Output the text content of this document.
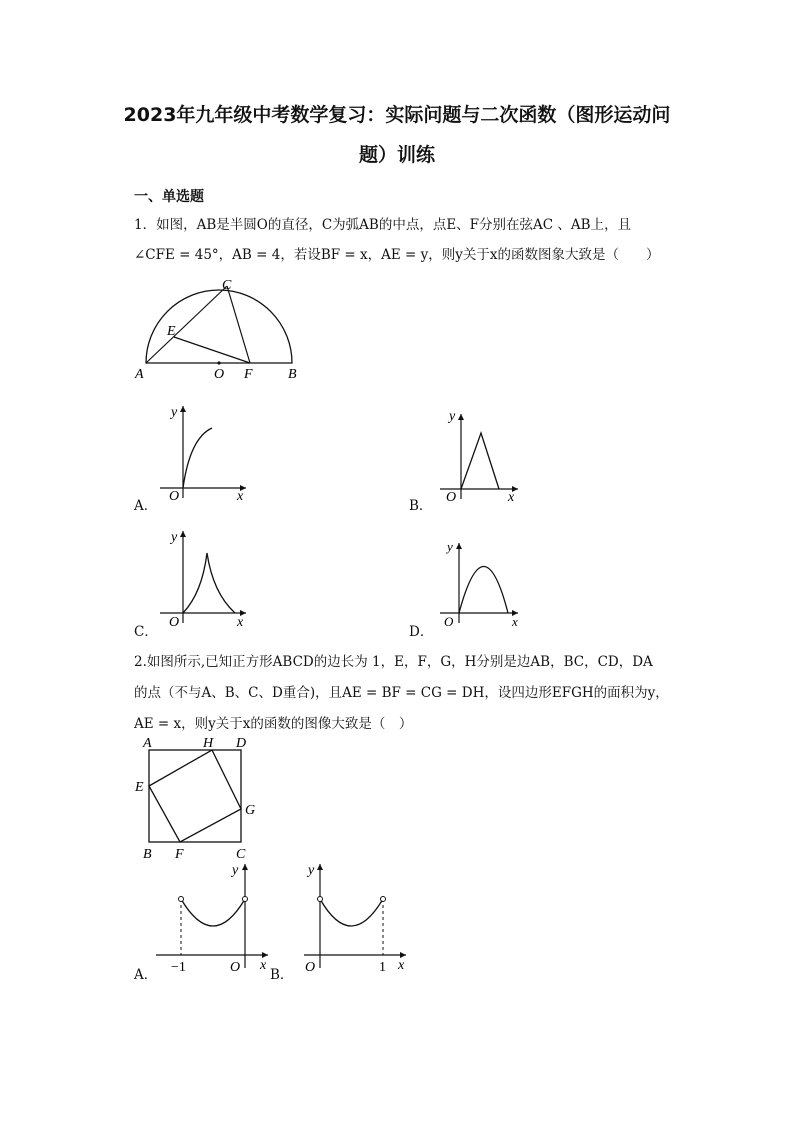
2023年九年级中考数学复习：实际问题与二次函数（图形运动问题）训练
一、单选题
1．如图，AB是半圆O的直径，C为弧AB的中点，点E、F分别在弦AC 、AB上，且
∠CFE = 45°，AB = 4，若设BF = x，AE = y，则y关于x的函数图象大致是（　　）
A	O F	B
C
E
A．
y
x
O
B．
y
x
O
C．
y
x
O
D．
y
x
O
2.如图所示,已知正方形ABCD的边长为 1，E，F，G，H分别是边AB，BC，CD，DA
的点（不与A、B、C、D重合)，且AE = BF = CG = DH，设四边形EFGH的面积为y，
AE = x，则y关于x的函数的图像大致是（　）
A	H D
E
G
B F	C
A．
y
x
O
−1	B．
y
x
O	1
